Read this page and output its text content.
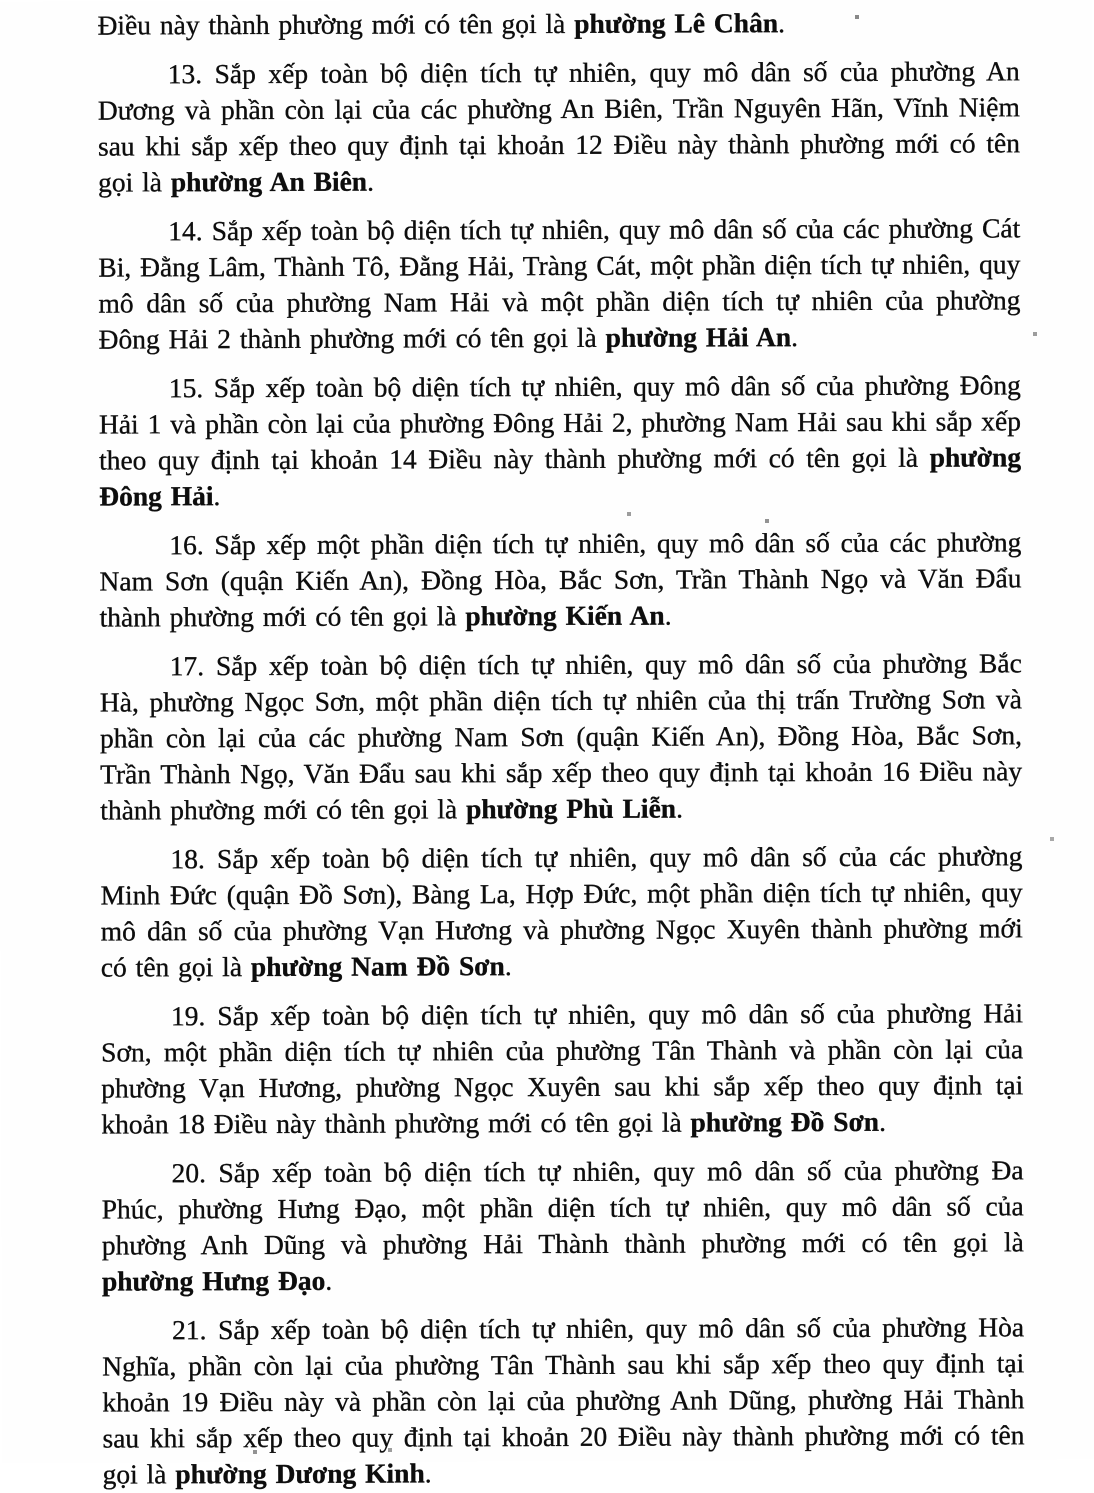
Điều này thành phường mới có tên gọi là phường Lê Chân.

13. Sắp xếp toàn bộ diện tích tự nhiên, quy mô dân số của phường An Dương và phần còn lại của các phường An Biên, Trần Nguyên Hãn, Vĩnh Niệm sau khi sắp xếp theo quy định tại khoản 12 Điều này thành phường mới có tên gọi là phường An Biên.

14. Sắp xếp toàn bộ diện tích tự nhiên, quy mô dân số của các phường Cát Bi, Đằng Lâm, Thành Tô, Đằng Hải, Tràng Cát, một phần diện tích tự nhiên, quy mô dân số của phường Nam Hải và một phần diện tích tự nhiên của phường Đông Hải 2 thành phường mới có tên gọi là phường Hải An.

15. Sắp xếp toàn bộ diện tích tự nhiên, quy mô dân số của phường Đông Hải 1 và phần còn lại của phường Đông Hải 2, phường Nam Hải sau khi sắp xếp theo quy định tại khoản 14 Điều này thành phường mới có tên gọi là phường Đông Hải.

16. Sắp xếp một phần diện tích tự nhiên, quy mô dân số của các phường Nam Sơn (quận Kiến An), Đồng Hòa, Bắc Sơn, Trần Thành Ngọ và Văn Đẩu thành phường mới có tên gọi là phường Kiến An.

17. Sắp xếp toàn bộ diện tích tự nhiên, quy mô dân số của phường Bắc Hà, phường Ngọc Sơn, một phần diện tích tự nhiên của thị trấn Trường Sơn và phần còn lại của các phường Nam Sơn (quận Kiến An), Đồng Hòa, Bắc Sơn, Trần Thành Ngọ, Văn Đẩu sau khi sắp xếp theo quy định tại khoản 16 Điều này thành phường mới có tên gọi là phường Phù Liễn.

18. Sắp xếp toàn bộ diện tích tự nhiên, quy mô dân số của các phường Minh Đức (quận Đồ Sơn), Bàng La, Hợp Đức, một phần diện tích tự nhiên, quy mô dân số của phường Vạn Hương và phường Ngọc Xuyên thành phường mới có tên gọi là phường Nam Đồ Sơn.

19. Sắp xếp toàn bộ diện tích tự nhiên, quy mô dân số của phường Hải Sơn, một phần diện tích tự nhiên của phường Tân Thành và phần còn lại của phường Vạn Hương, phường Ngọc Xuyên sau khi sắp xếp theo quy định tại khoản 18 Điều này thành phường mới có tên gọi là phường Đồ Sơn.

20. Sắp xếp toàn bộ diện tích tự nhiên, quy mô dân số của phường Đa Phúc, phường Hưng Đạo, một phần diện tích tự nhiên, quy mô dân số của phường Anh Dũng và phường Hải Thành thành phường mới có tên gọi là phường Hưng Đạo.

21. Sắp xếp toàn bộ diện tích tự nhiên, quy mô dân số của phường Hòa Nghĩa, phần còn lại của phường Tân Thành sau khi sắp xếp theo quy định tại khoản 19 Điều này và phần còn lại của phường Anh Dũng, phường Hải Thành sau khi sắp xếp theo quy định tại khoản 20 Điều này thành phường mới có tên gọi là phường Dương Kinh.
